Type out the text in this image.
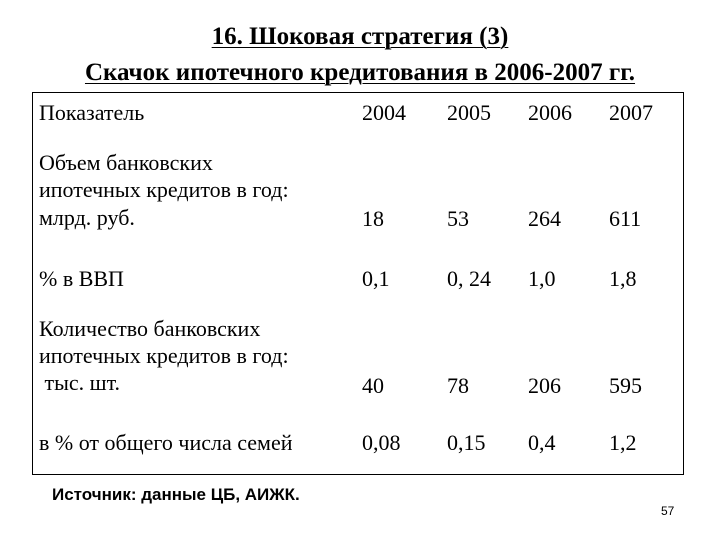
16. Шоковая стратегия (3)
Скачок ипотечного кредитования в 2006-2007 гг.
Показатель	2004 2005 2006 2007
Объем банковских
ипотечных кредитов в год:
млрд. руб.	18	53	264 611
% в ВВП	0,1	0, 24 1,0 1,8
Количество банковских
ипотечных кредитов в год:
тыс. шт.	40	78	206 595
в % от общего числа семей	0,08 0,15 0,4 1,2
Источник: данные ЦБ, АИЖК.
57
